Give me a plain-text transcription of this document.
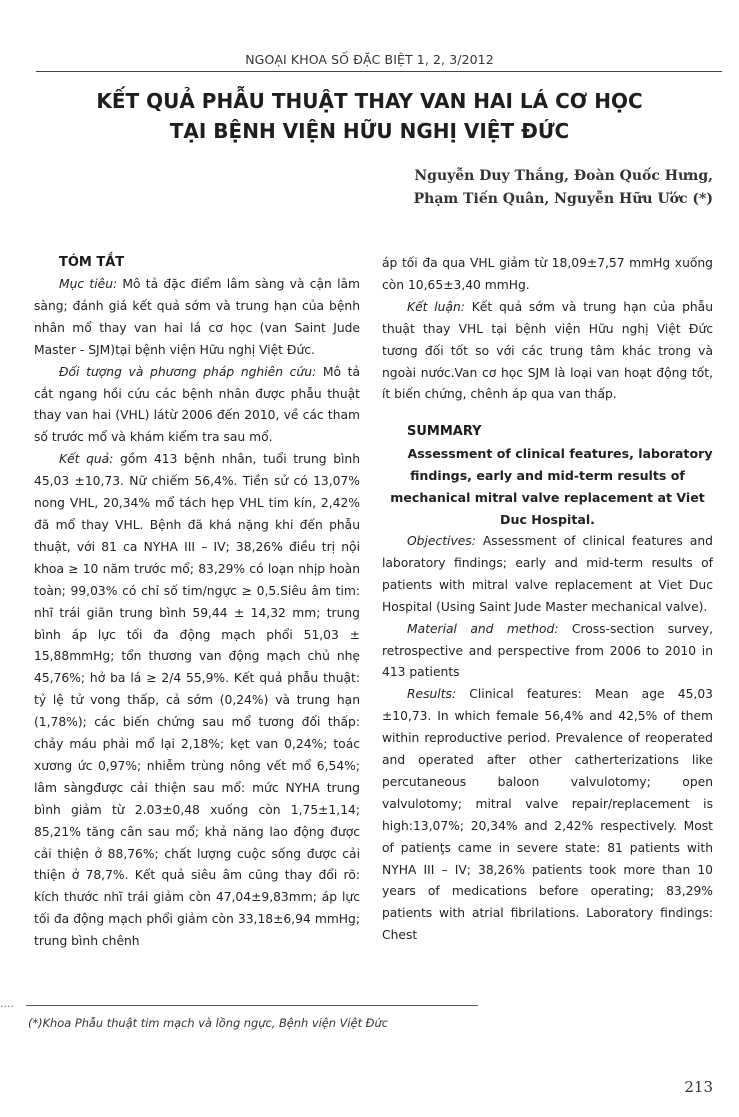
NGOẠI KHOA SỐ ĐẶC BIỆT 1, 2, 3/2012
KẾT QUẢ PHẪU THUẬT THAY VAN HAI LÁ CƠ HỌC
TẠI BỆNH VIỆN HỮU NGHỊ VIỆT ĐỨC
Nguyễn Duy Thắng, Đoàn Quốc Hưng,
Phạm Tiến Quân, Nguyễn Hữu Ước (*)

TÓM TẮT

Mục tiêu: Mô tả đặc điểm lâm sàng và cận lâm sàng; đánh giá kết quả sớm và trung hạn của bệnh nhân mổ thay van hai lá cơ học (van Saint Jude Master - SJM)tại bệnh viện Hữu nghị Việt Đức.

Đối tượng và phương pháp nghiên cứu: Mô tả cắt ngang hồi cứu các bệnh nhân được phẫu thuật thay van hai (VHL) látừ 2006 đến 2010, về các tham số trước mổ và khám kiểm tra sau mổ.

Kết quả: gồm 413 bệnh nhân, tuổi trung bình 45,03 ±10,73. Nữ chiếm 56,4%. Tiền sử có 13,07% nong VHL, 20,34% mổ tách hẹp VHL tim kín, 2,42% đã mổ thay VHL. Bệnh đã khá nặng khi đến phẫu thuật, với 81 ca NYHA III – IV; 38,26% điều trị nội khoa ≥ 10 năm trước mổ; 83,29% có loạn nhịp hoàn toàn; 99,03% có chỉ số tim/ngực ≥ 0,5.Siêu âm tim: nhĩ trái giãn trung bình 59,44 ± 14,32 mm; trung bình áp lực tối đa động mạch phổi 51,03 ± 15,88mmHg; tổn thương van động mạch chủ nhẹ 45,76%; hở ba lá ≥ 2/4 55,9%. Kết quả phẫu thuật: tỷ lệ tử vong thấp, cả sớm (0,24%) và trung hạn (1,78%); các biến chứng sau mổ tương đối thấp: chảy máu phải mổ lại 2,18%; kẹt van 0,24%; toác xương ức 0,97%; nhiễm trùng nông vết mổ 6,54%; lâm sàngđược cải thiện sau mổ: mức NYHA trung bình giảm từ 2.03±0,48 xuống còn 1,75±1,14; 85,21% tăng cân sau mổ; khả năng lao động được cải thiện ở 88,76%; chất lượng cuộc sống được cải thiện ở 78,7%. Kết quả siêu âm cũng thay đổi rõ: kích thước nhĩ trái giảm còn 47,04±9,83mm; áp lực tối đa động mạch phổi giảm còn 33,18±6,94 mmHg; trung bình chênh

áp tối đa qua VHL giảm từ 18,09±7,57 mmHg xuống còn 10,65±3,40 mmHg.

Kết luận: Kết quả sớm và trung hạn của phẫu thuật thay VHL tại bệnh viện Hữu nghị Việt Đức tương đối tốt so với các trung tâm khác trong và ngoài nước.Van cơ học SJM là loại van hoạt động tốt, ít biến chứng, chênh áp qua van thấp.

SUMMARY

Assessment of clinical features, laboratory findings, early and mid-term results of mechanical mitral valve replacement at Viet Duc Hospital.

Objectives: Assessment of clinical features and laboratory findings; early and mid-term results of patients with mitral valve replacement at Viet Duc Hospital (Using Saint Jude Master mechanical valve).

Material and method: Cross-section survey, retrospective and perspective from 2006 to 2010 in 413 patients

Results: Clinical features: Mean age 45,03 ±10,73. In which female 56,4% and 42,5% of them within reproductive period. Prevalence of reoperated and operated after other catherterizations like percutaneous baloon valvulotomy; open valvulotomy; mitral valve repair/replacement is high:13,07%; 20,34% and 2,42% respectively. Most of patienţs came in severe state: 81 patients with NYHA III – IV; 38,26% patients took more than 10 years of medications before operating; 83,29% patients with atrial fibrilations. Laboratory findings: Chest

....
(*)Khoa Phẫu thuật tim mạch và lồng ngực, Bệnh viện Việt Đức
213
